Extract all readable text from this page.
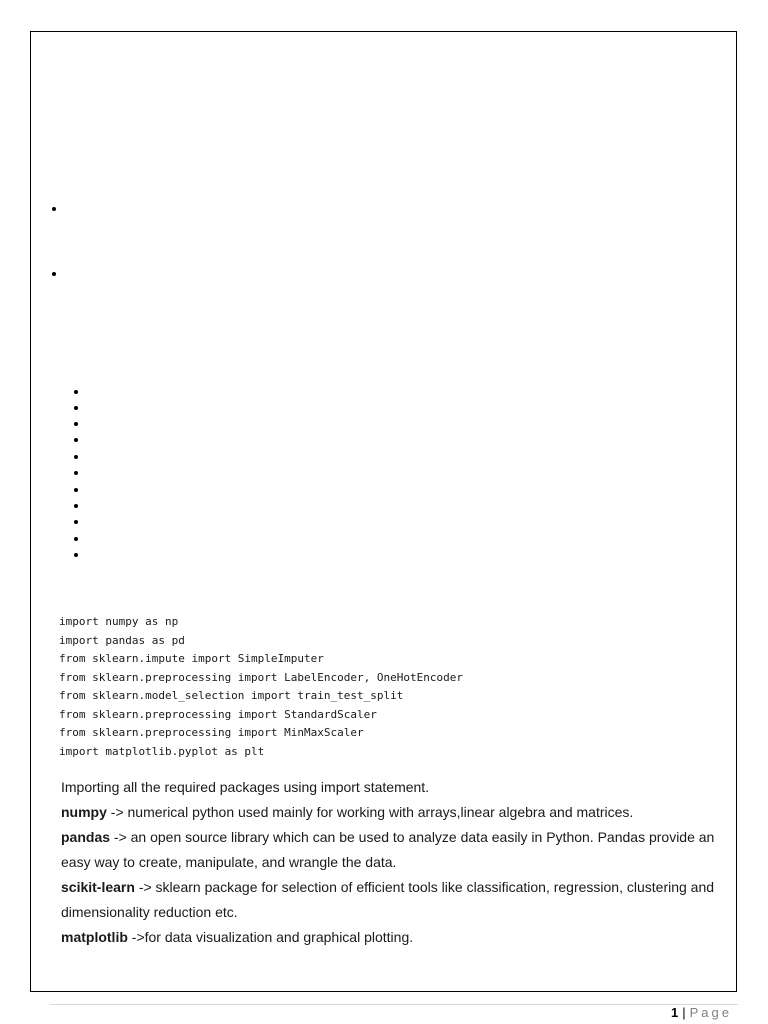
import numpy as np
import pandas as pd
from sklearn.impute import SimpleImputer
from sklearn.preprocessing import LabelEncoder, OneHotEncoder
from sklearn.model_selection import train_test_split
from sklearn.preprocessing import StandardScaler
from sklearn.preprocessing import MinMaxScaler
import matplotlib.pyplot as plt

Importing all the required packages using import statement.

numpy -> numerical python used mainly for working with arrays,linear algebra and matrices.

pandas -> an open source library which can be used to analyze data easily in Python. Pandas provide an easy way to create, manipulate, and wrangle the data.

scikit-learn -> sklearn package for selection of efficient tools like classification, regression, clustering and dimensionality reduction etc.

matplotlib ->for data visualization and graphical plotting.

1 | Page
